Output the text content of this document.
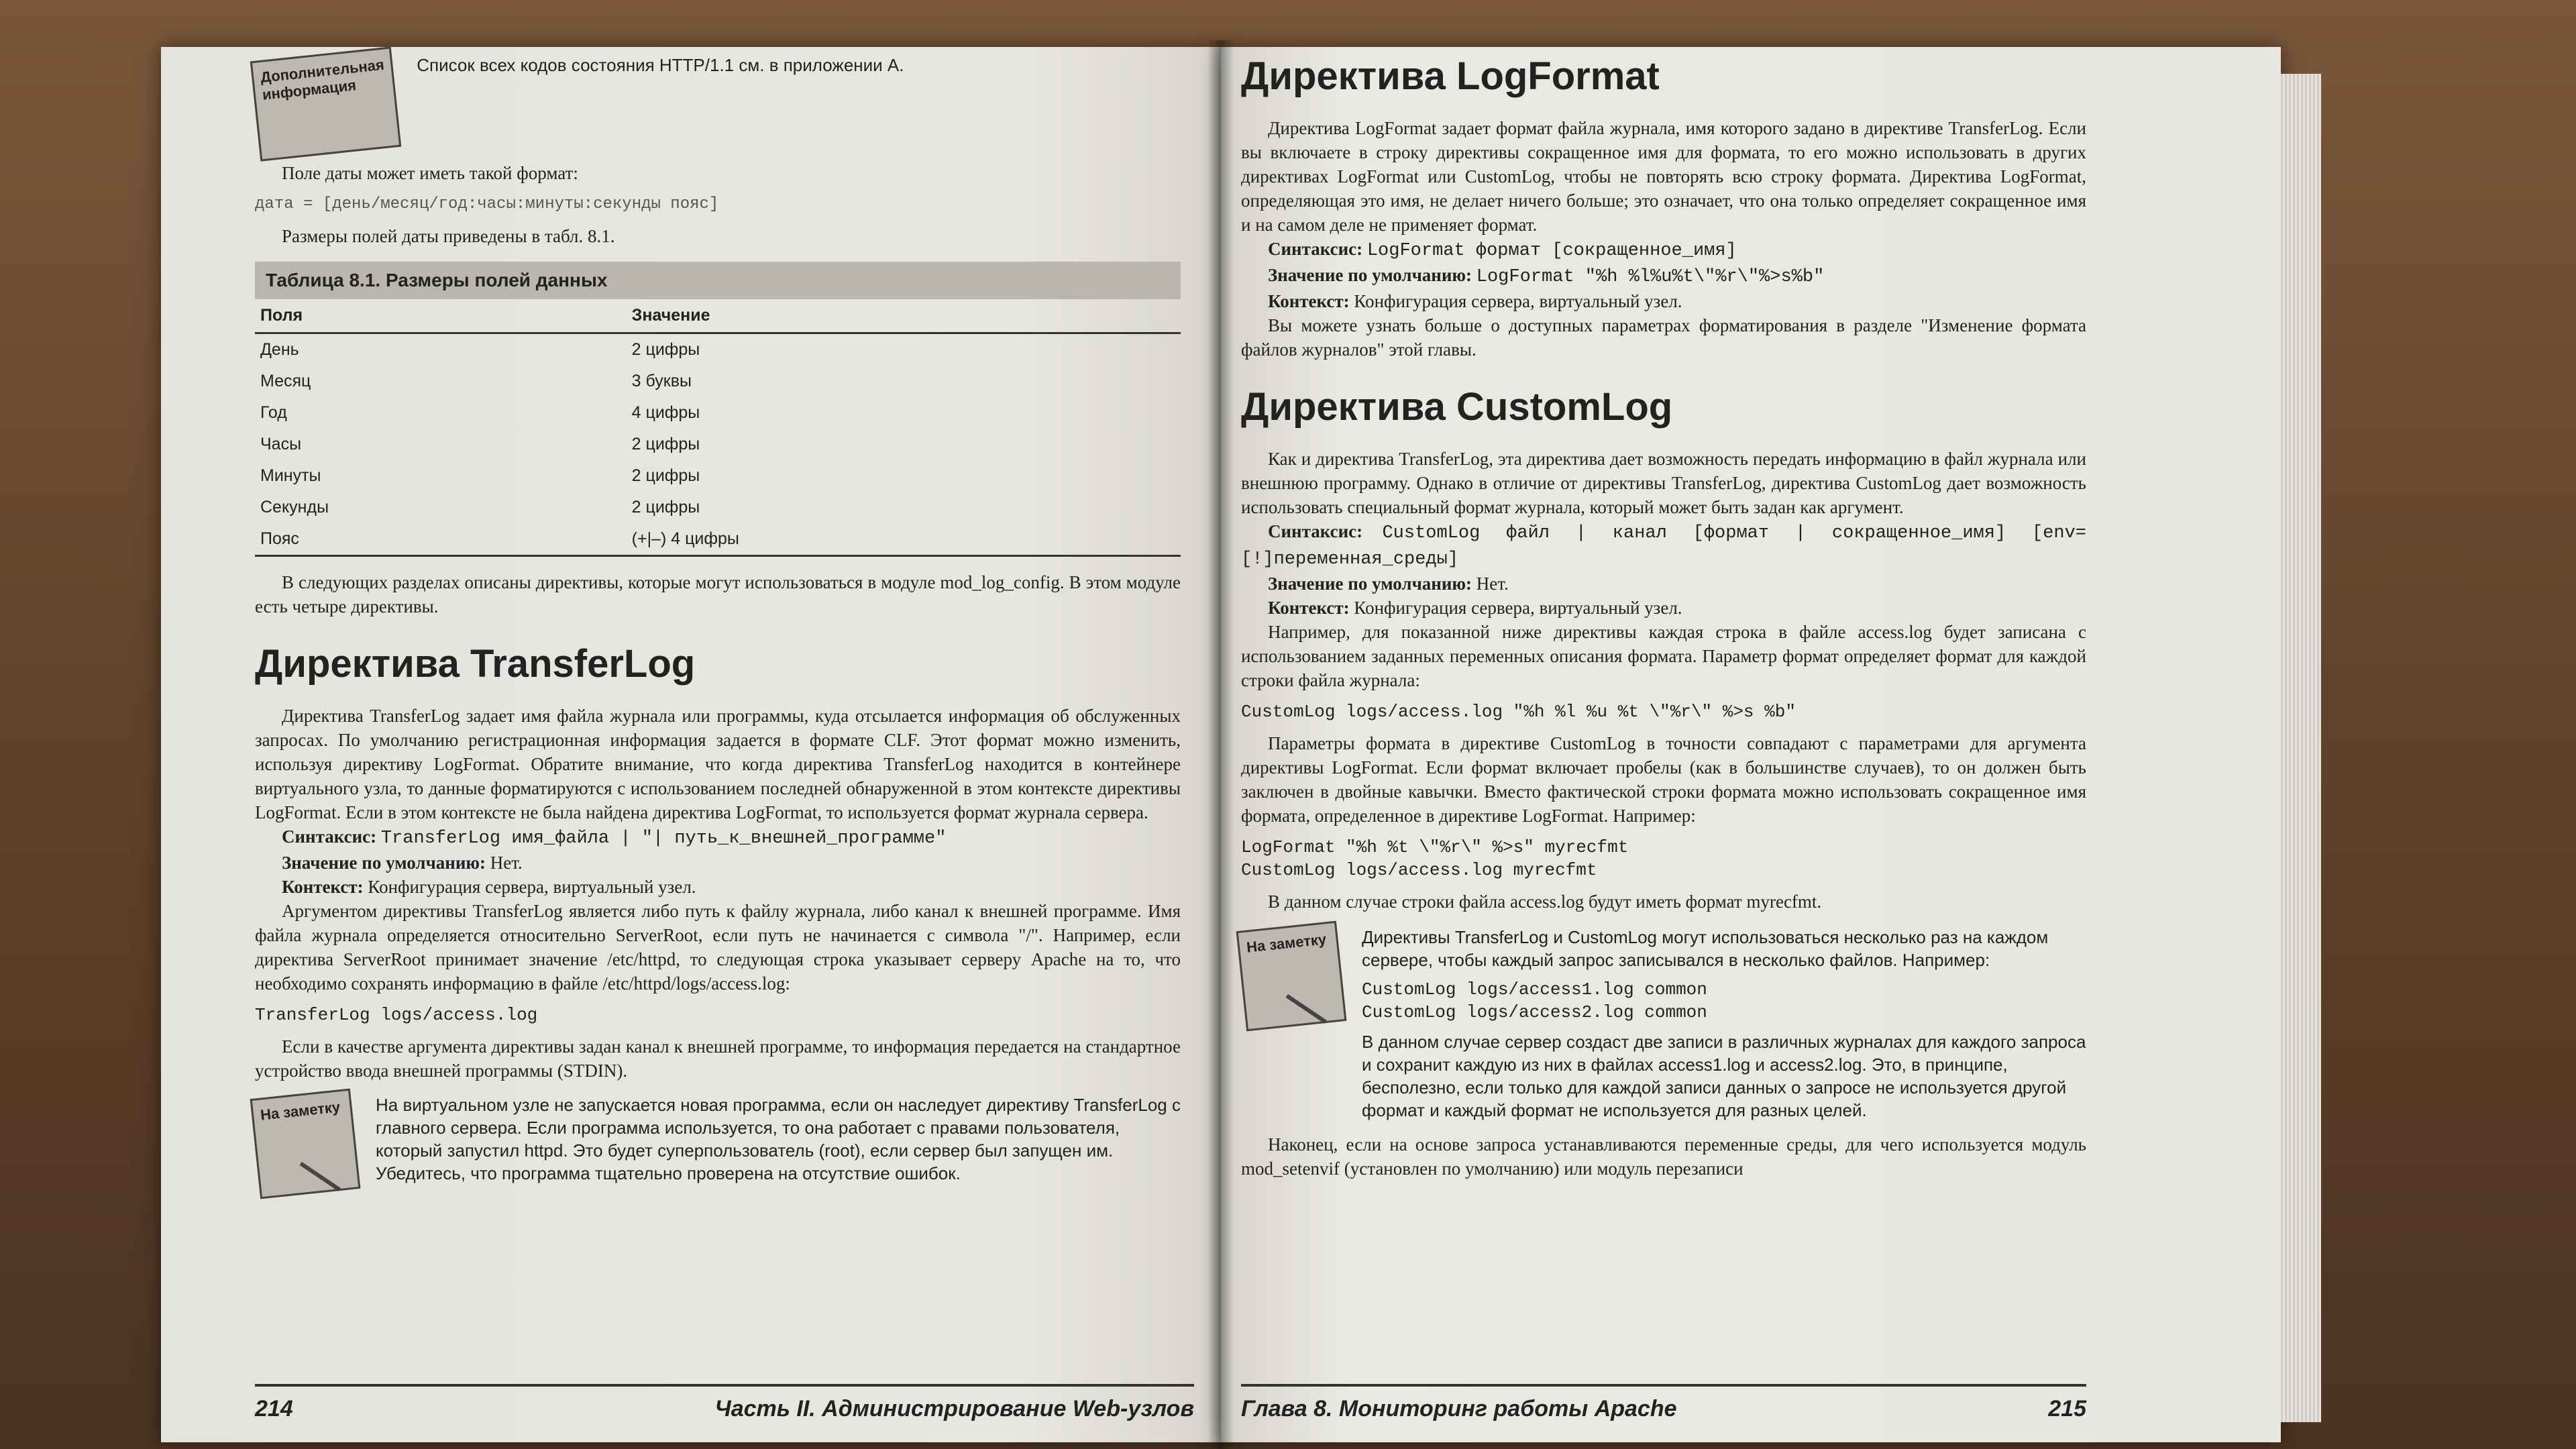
Дополнительная информация

Список всех кодов состояния HTTP/1.1 см. в приложении А.

Поле даты может иметь такой формат:

дата = [день/месяц/год:часы:минуты:секунды пояс]

Размеры полей даты приведены в табл. 8.1.

Таблица 8.1. Размеры полей данных
Поля	Значение
День	2 цифры
Месяц	3 буквы
Год	4 цифры
Часы	2 цифры
Минуты	2 цифры
Секунды	2 цифры
Пояс	(+|–) 4 цифры

В следующих разделах описаны директивы, которые могут использоваться в модуле mod_log_config. В этом модуле есть четыре директивы.

Директива TransferLog

Директива TransferLog задает имя файла журнала или программы, куда отсылается информация об обслуженных запросах. По умолчанию регистрационная информация задается в формате CLF. Этот формат можно изменить, используя директиву LogFormat. Обратите внимание, что когда директива TransferLog находится в контейнере виртуального узла, то данные форматируются с использованием последней обнаруженной в этом контексте директивы LogFormat. Если в этом контексте не была найдена директива LogFormat, то используется формат журнала сервера.

Синтаксис: TransferLog имя_файла | "| путь_к_внешней_программе"

Значение по умолчанию: Нет.

Контекст: Конфигурация сервера, виртуальный узел.

Аргументом директивы TransferLog является либо путь к файлу журнала, либо канал к внешней программе. Имя файла журнала определяется относительно ServerRoot, если путь не начинается с символа "/". Например, если директива ServerRoot принимает значение /etc/httpd, то следующая строка указывает серверу Apache на то, что необходимо сохранять информацию в файле /etc/httpd/logs/access.log:

TransferLog logs/access.log

Если в качестве аргумента директивы задан канал к внешней программе, то информация передается на стандартное устройство ввода внешней программы (STDIN).

На заметку	На виртуальном узле не запускается новая программа, если он наследует директиву TransferLog с главного сервера. Если программа используется, то она работает с правами пользователя, который запустил httpd. Это будет суперпользователь (root), если сервер был запущен им. Убедитесь, что программа тщательно проверена на отсутствие ошибок.

214	Часть II. Администрирование Web-узлов
Директива LogFormat

Директива LogFormat задает формат файла журнала, имя которого задано в директиве TransferLog. Если вы включаете в строку директивы сокращенное имя для формата, то его можно использовать в других директивах LogFormat или CustomLog, чтобы не повторять всю строку формата. Директива LogFormat, определяющая это имя, не делает ничего больше; это означает, что она только определяет сокращенное имя и на самом деле не применяет формат.

Синтаксис: LogFormat формат [сокращенное_имя]

Значение по умолчанию: LogFormat "%h %l%u%t\"%r\"%>s%b"

Контекст: Конфигурация сервера, виртуальный узел.

Вы можете узнать больше о доступных параметрах форматирования в разделе "Изменение формата файлов журналов" этой главы.

Директива CustomLog

Как и директива TransferLog, эта директива дает возможность передать информацию в файл журнала или внешнюю программу. Однако в отличие от директивы TransferLog, директива CustomLog дает возможность использовать специальный формат журнала, который может быть задан как аргумент.

Синтаксис: CustomLog файл | канал [формат | сокращенное_имя] [env=[!]переменная_среды]

Значение по умолчанию: Нет.

Контекст: Конфигурация сервера, виртуальный узел.

Например, для показанной ниже директивы каждая строка в файле access.log будет записана с использованием заданных переменных описания формата. Параметр формат определяет формат для каждой строки файла журнала:

CustomLog logs/access.log "%h %l %u %t \"%r\" %>s %b"

Параметры формата в директиве CustomLog в точности совпадают с параметрами для аргумента директивы LogFormat. Если формат включает пробелы (как в большинстве случаев), то он должен быть заключен в двойные кавычки. Вместо фактической строки формата можно использовать сокращенное имя формата, определенное в директиве LogFormat. Например:

LogFormat "%h %t \"%r\" %>s" myrecfmt
CustomLog logs/access.log myrecfmt

В данном случае строки файла access.log будут иметь формат myrecfmt.

На заметку	Директивы TransferLog и CustomLog могут использоваться несколько раз на каждом сервере, чтобы каждый запрос записывался в несколько файлов. Например:

CustomLog logs/access1.log common
CustomLog logs/access2.log common

В данном случае сервер создаст две записи в различных журналах для каждого запроса и сохранит каждую из них в файлах access1.log и access2.log. Это, в принципе, бесполезно, если только для каждой записи данных о запросе не используется другой формат и каждый формат не используется для разных целей.

Наконец, если на основе запроса устанавливаются переменные среды, для чего используется модуль mod_setenvif (установлен по умолчанию) или модуль перезаписи

Глава 8. Мониторинг работы Apache	215
